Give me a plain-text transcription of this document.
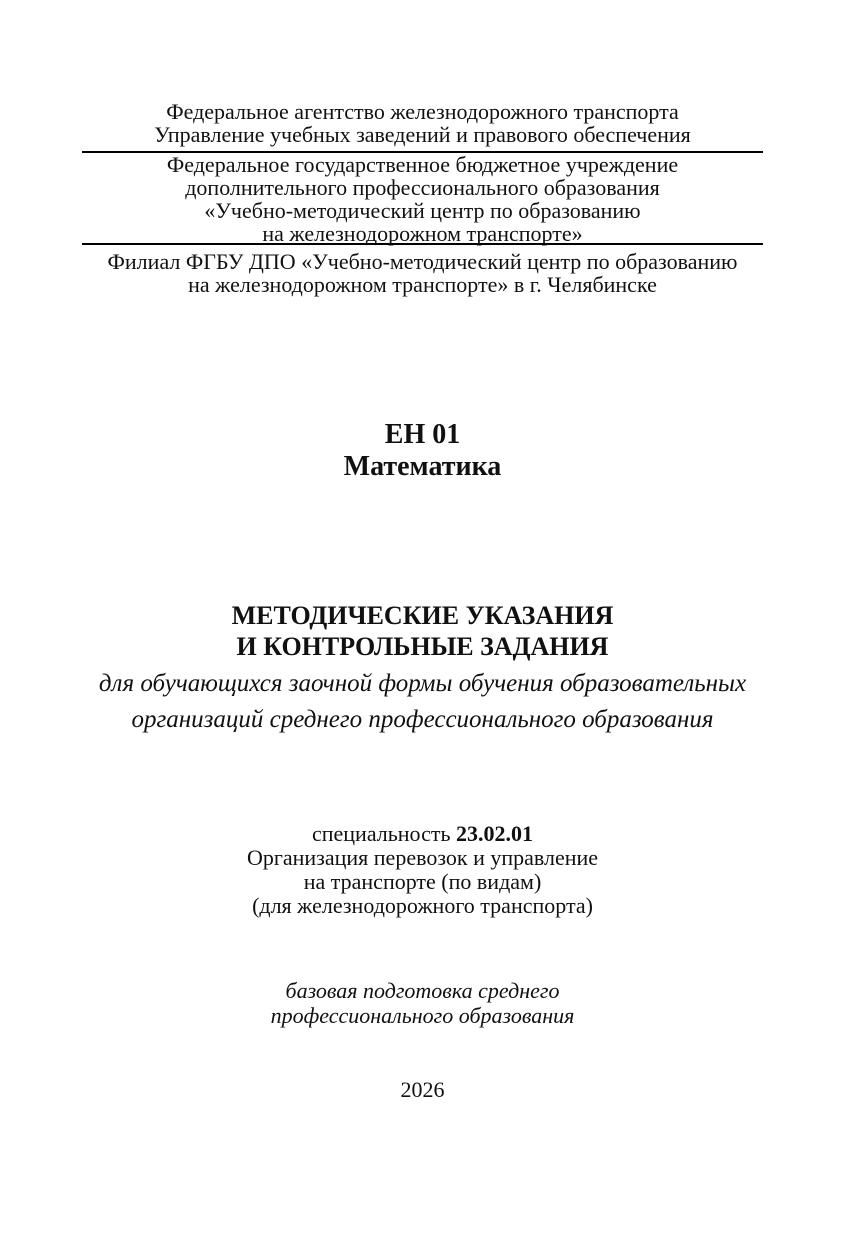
Федеральное агентство железнодорожного транспорта
Управление учебных заведений и правового обеспечения
Федеральное государственное бюджетное учреждение
дополнительного профессионального образования
«Учебно-методический центр по образованию
на железнодорожном транспорте»
Филиал ФГБУ ДПО «Учебно-методический центр по образованию
на железнодорожном транспорте» в г. Челябинске
ЕН 01
Математика
МЕТОДИЧЕСКИЕ УКАЗАНИЯ
И КОНТРОЛЬНЫЕ ЗАДАНИЯ
для обучающихся заочной формы обучения образовательных
организаций среднего профессионального образования
специальность 23.02.01
Организация перевозок и управление
на транспорте (по видам)
(для железнодорожного транспорта)
базовая подготовка среднего
профессионального образования
2026
